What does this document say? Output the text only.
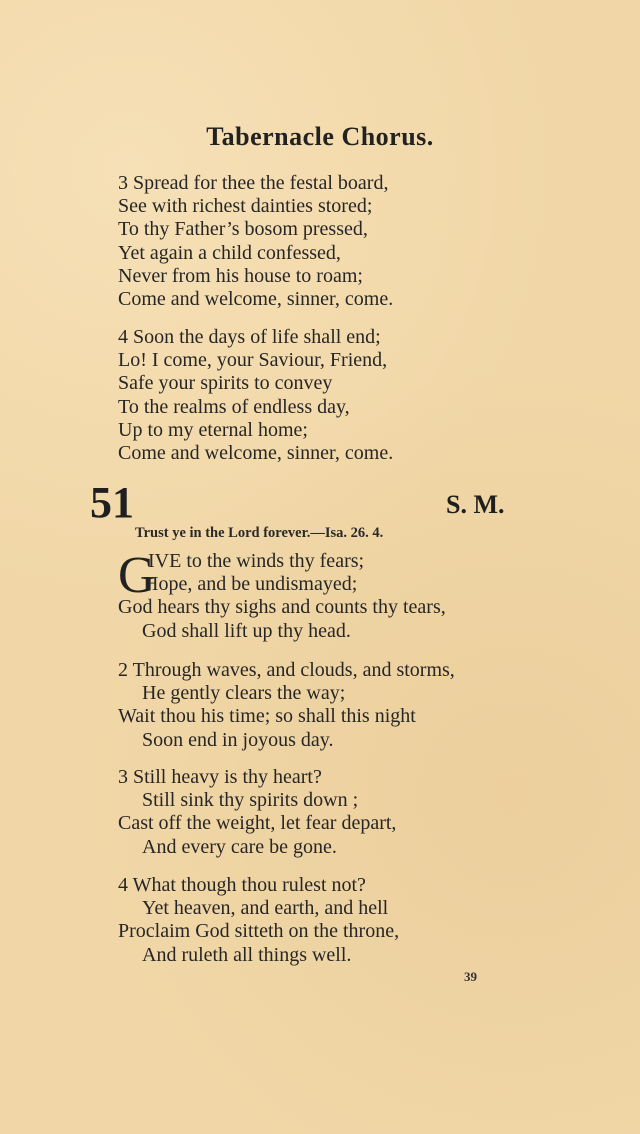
Tabernacle Chorus.
3 Spread for thee the festal board,
See with richest dainties stored;
To thy Father’s bosom pressed,
Yet again a child confessed,
Never from his house to roam;
Come and welcome, sinner, come.
4 Soon the days of life shall end;
Lo! I come, your Saviour, Friend,
Safe your spirits to convey
To the realms of endless day,
Up to my eternal home;
Come and welcome, sinner, come.
51	S. M.
Trust ye in the Lord forever.—Isa. 26. 4.
G
IVE to the winds thy fears;
Hope, and be undismayed;
God hears thy sighs and counts thy tears,
God shall lift up thy head.
2 Through waves, and clouds, and storms,
He gently clears the way;
Wait thou his time; so shall this night
Soon end in joyous day.
3 Still heavy is thy heart?
Still sink thy spirits down ;
Cast off the weight, let fear depart,
And every care be gone.
4 What though thou rulest not?
Yet heaven, and earth, and hell
Proclaim God sitteth on the throne,
And ruleth all things well.
39
